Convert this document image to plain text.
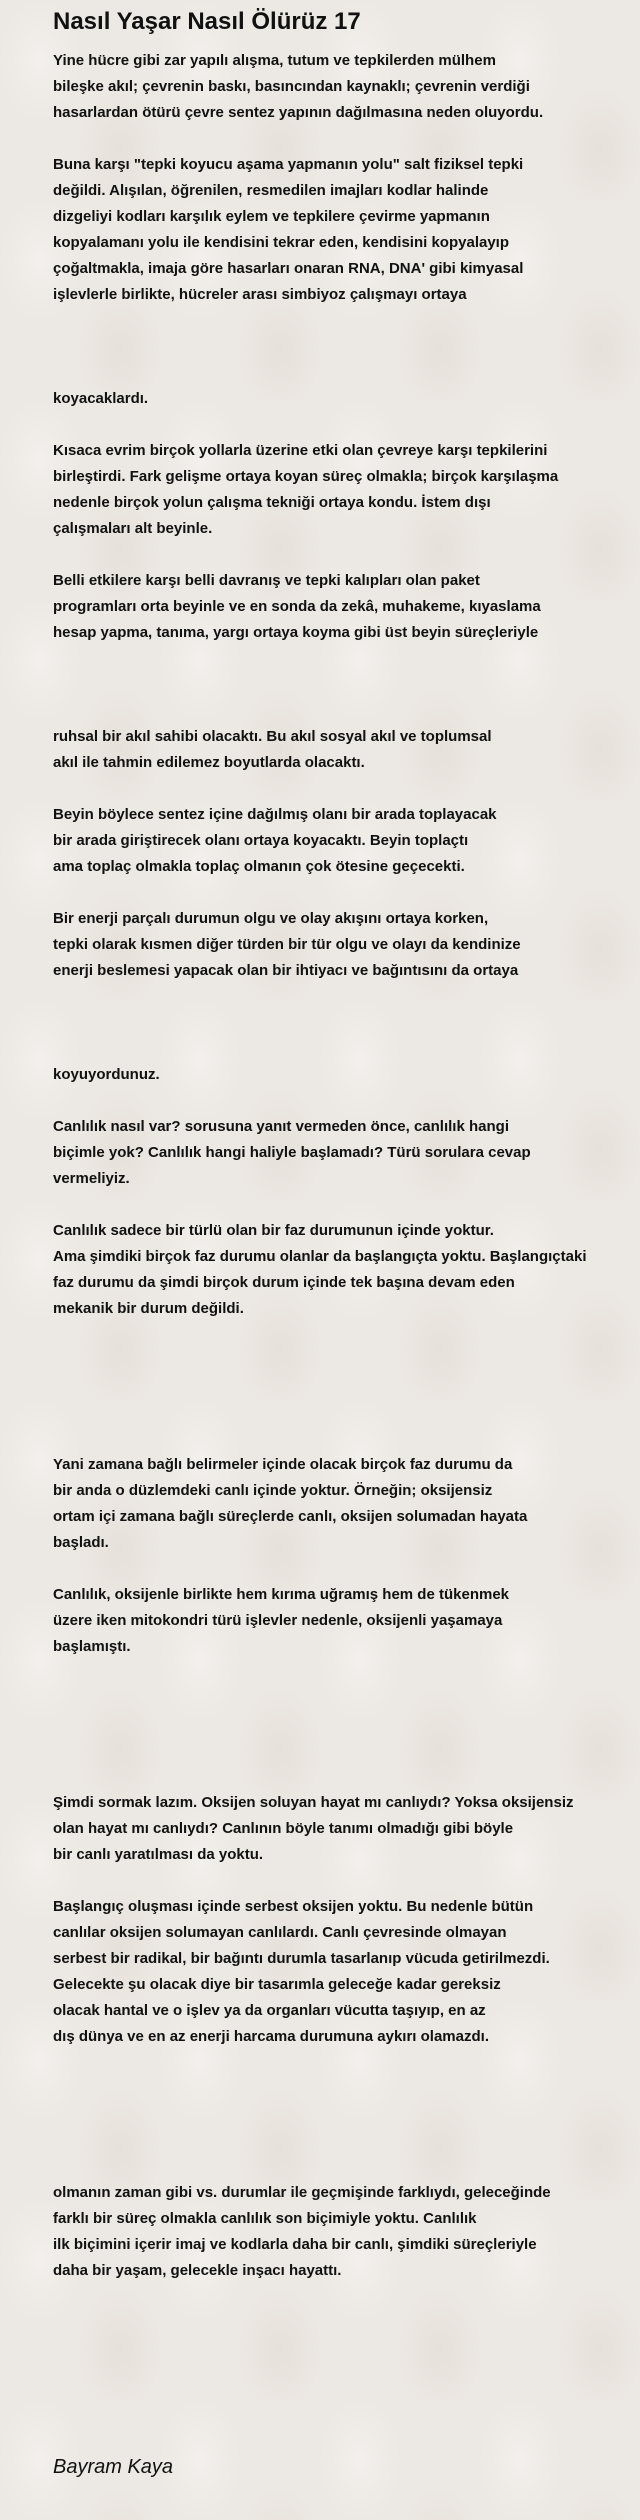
Nasıl Yaşar Nasıl Ölürüz 17
Yine hücre gibi zar yapılı alışma, tutum ve tepkilerden mülhem
bileşke akıl; çevrenin baskı, basıncından kaynaklı; çevrenin verdiği
hasarlardan ötürü çevre sentez yapının dağılmasına neden oluyordu.
Buna karşı "tepki koyucu aşama yapmanın yolu" salt fiziksel tepki
değildi. Alışılan, öğrenilen, resmedilen imajları kodlar halinde
dizgeliyi kodları karşılık eylem ve tepkilere çevirme yapmanın
kopyalamanı yolu ile kendisini tekrar eden, kendisini kopyalayıp
çoğaltmakla, imaja göre hasarları onaran RNA, DNA' gibi kimyasal
işlevlerle birlikte, hücreler arası simbiyoz çalışmayı ortaya
koyacaklardı.
Kısaca evrim birçok yollarla üzerine etki olan çevreye karşı tepkilerini
birleştirdi. Fark gelişme ortaya koyan süreç olmakla; birçok karşılaşma
nedenle birçok yolun çalışma tekniği ortaya kondu. İstem dışı
çalışmaları alt beyinle.
Belli etkilere karşı belli davranış ve tepki kalıpları olan paket
programları orta beyinle ve en sonda da zekâ, muhakeme, kıyaslama
hesap yapma, tanıma, yargı ortaya koyma gibi üst beyin süreçleriyle
ruhsal bir akıl sahibi olacaktı. Bu akıl sosyal akıl ve toplumsal
akıl ile tahmin edilemez boyutlarda olacaktı.
Beyin böylece sentez içine dağılmış olanı bir arada toplayacak
bir arada giriştirecek olanı ortaya koyacaktı. Beyin toplaçtı
ama toplaç olmakla toplaç olmanın çok ötesine geçecekti.
Bir enerji parçalı durumun olgu ve olay akışını ortaya korken,
tepki olarak kısmen diğer türden bir tür olgu ve olayı da kendinize
enerji beslemesi yapacak olan bir ihtiyacı ve bağıntısını da ortaya
koyuyordunuz.
Canlılık nasıl var? sorusuna yanıt vermeden önce, canlılık hangi
biçimle yok? Canlılık hangi haliyle başlamadı? Türü sorulara cevap
vermeliyiz.
Canlılık sadece bir türlü olan bir faz durumunun içinde yoktur.
Ama şimdiki birçok faz durumu olanlar da başlangıçta yoktu. Başlangıçtaki
faz durumu da şimdi birçok durum içinde tek başına devam eden
mekanik bir durum değildi.
Yani zamana bağlı belirmeler içinde olacak birçok faz durumu da
bir anda o düzlemdeki canlı içinde yoktur. Örneğin; oksijensiz
ortam içi zamana bağlı süreçlerde canlı, oksijen solumadan hayata
başladı.
Canlılık, oksijenle birlikte hem kırıma uğramış hem de tükenmek
üzere iken mitokondri türü işlevler nedenle, oksijenli yaşamaya
başlamıştı.
Şimdi sormak lazım. Oksijen soluyan hayat mı canlıydı? Yoksa oksijensiz
olan hayat mı canlıydı? Canlının böyle tanımı olmadığı gibi böyle
bir canlı yaratılması da yoktu.
Başlangıç oluşması içinde serbest oksijen yoktu. Bu nedenle bütün
canlılar oksijen solumayan canlılardı. Canlı çevresinde olmayan
serbest bir radikal, bir bağıntı durumla tasarlanıp vücuda getirilmezdi.
Gelecekte şu olacak diye bir tasarımla geleceğe kadar gereksiz
olacak hantal ve o işlev ya da organları vücutta taşıyıp, en az
dış dünya ve en az enerji harcama durumuna aykırı olamazdı.
olmanın zaman gibi vs. durumlar ile geçmişinde farklıydı, geleceğinde
farklı bir süreç olmakla canlılık son biçimiyle yoktu. Canlılık
ilk biçimini içerir imaj ve kodlarla daha bir canlı, şimdiki süreçleriyle
daha bir yaşam, gelecekle inşacı hayattı.
Bayram Kaya
